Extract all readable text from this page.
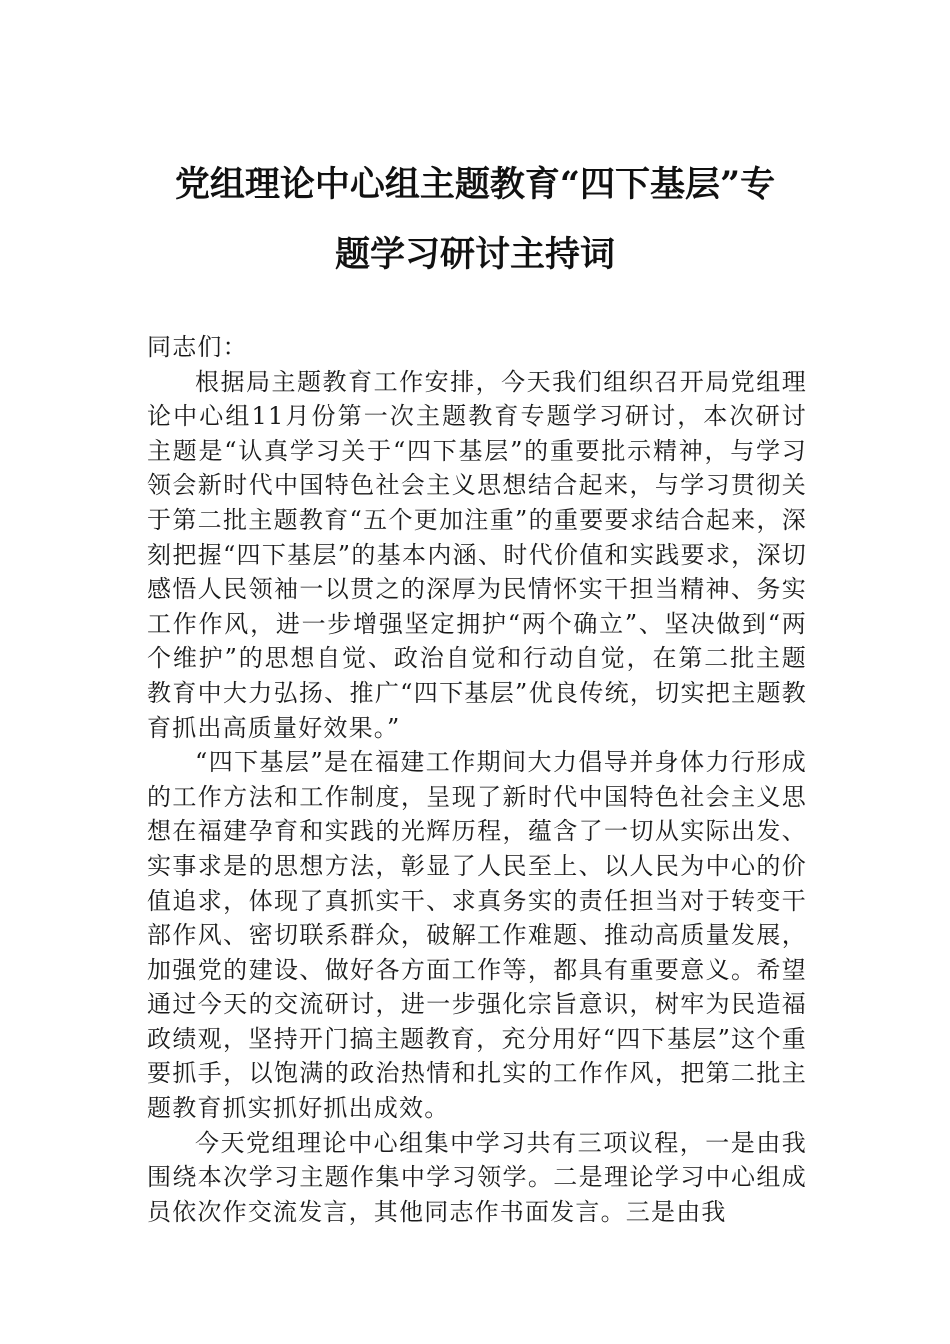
党组理论中心组主题教育“四下基层”专
题学习研讨主持词

同志们：

根据局主题教育工作安排，今天我们组织召开局党组理论中心组11月份第一次主题教育专题学习研讨，本次研讨主题是“认真学习关于“四下基层”的重要批示精神，与学习领会新时代中国特色社会主义思想结合起来，与学习贯彻关于第二批主题教育“五个更加注重”的重要要求结合起来，深刻把握“四下基层”的基本内涵、时代价值和实践要求，深切感悟人民领袖一以贯之的深厚为民情怀实干担当精神、务实工作作风，进一步增强坚定拥护“两个确立”、坚决做到“两个维护”的思想自觉、政治自觉和行动自觉，在第二批主题教育中大力弘扬、推广“四下基层”优良传统，切实把主题教育抓出高质量好效果。”

“四下基层”是在福建工作期间大力倡导并身体力行形成的工作方法和工作制度，呈现了新时代中国特色社会主义思想在福建孕育和实践的光辉历程，蕴含了一切从实际出发、实事求是的思想方法，彰显了人民至上、以人民为中心的价值追求，体现了真抓实干、求真务实的责任担当对于转变干部作风、密切联系群众，破解工作难题、推动高质量发展，加强党的建设、做好各方面工作等，都具有重要意义。希望通过今天的交流研讨，进一步强化宗旨意识，树牢为民造福政绩观，坚持开门搞主题教育，充分用好“四下基层”这个重要抓手，以饱满的政治热情和扎实的工作作风，把第二批主题教育抓实抓好抓出成效。

今天党组理论中心组集中学习共有三项议程，一是由我围绕本次学习主题作集中学习领学。二是理论学习中心组成员依次作交流发言，其他同志作书面发言。三是由我
